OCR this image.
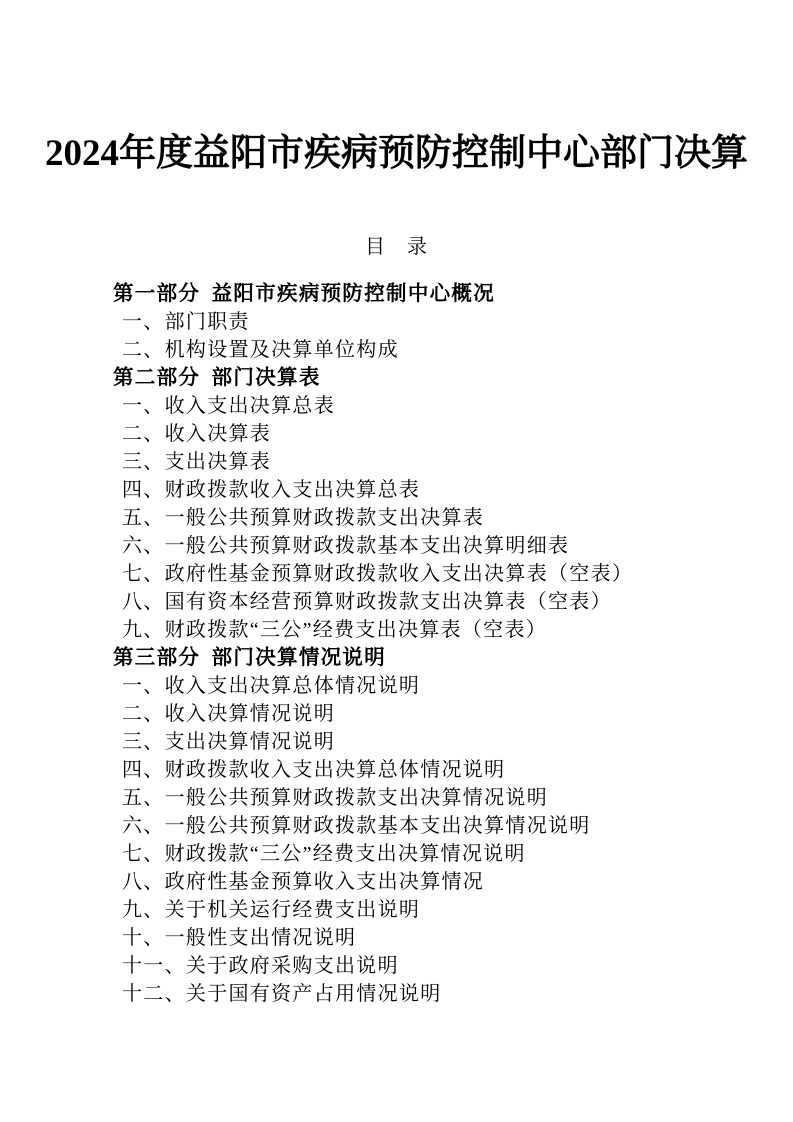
2024年度益阳市疾病预防控制中心部门决算
目　录
第一部分 益阳市疾病预防控制中心概况
一、部门职责
二、机构设置及决算单位构成
第二部分 部门决算表
一、收入支出决算总表
二、收入决算表
三、支出决算表
四、财政拨款收入支出决算总表
五、一般公共预算财政拨款支出决算表
六、一般公共预算财政拨款基本支出决算明细表
七、政府性基金预算财政拨款收入支出决算表（空表）
八、国有资本经营预算财政拨款支出决算表（空表）
九、财政拨款“三公”经费支出决算表（空表）
第三部分 部门决算情况说明
一、收入支出决算总体情况说明
二、收入决算情况说明
三、支出决算情况说明
四、财政拨款收入支出决算总体情况说明
五、一般公共预算财政拨款支出决算情况说明
六、一般公共预算财政拨款基本支出决算情况说明
七、财政拨款“三公”经费支出决算情况说明
八、政府性基金预算收入支出决算情况
九、关于机关运行经费支出说明
十、一般性支出情况说明
十一、关于政府采购支出说明
十二、关于国有资产占用情况说明
